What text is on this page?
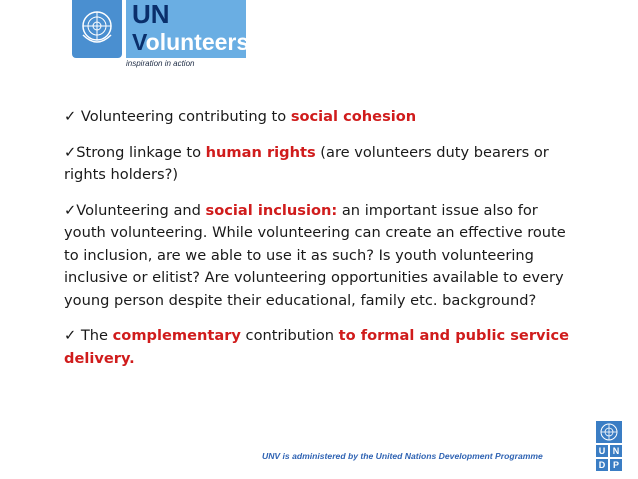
UN
Volunteers
inspiration in action

✓ Volunteering contributing to social cohesion

✓Strong linkage to human rights (are volunteers duty bearers or rights holders?)

✓Volunteering and social inclusion: an important issue also for youth volunteering. While volunteering can create an effective route to inclusion, are we able to use it as such? Is youth volunteering inclusive or elitist? Are volunteering opportunities available to every young person despite their educational, family etc. background?

✓ The complementary contribution to formal and public service delivery.

UNV is administered by the United Nations Development Programme	U N
D P
